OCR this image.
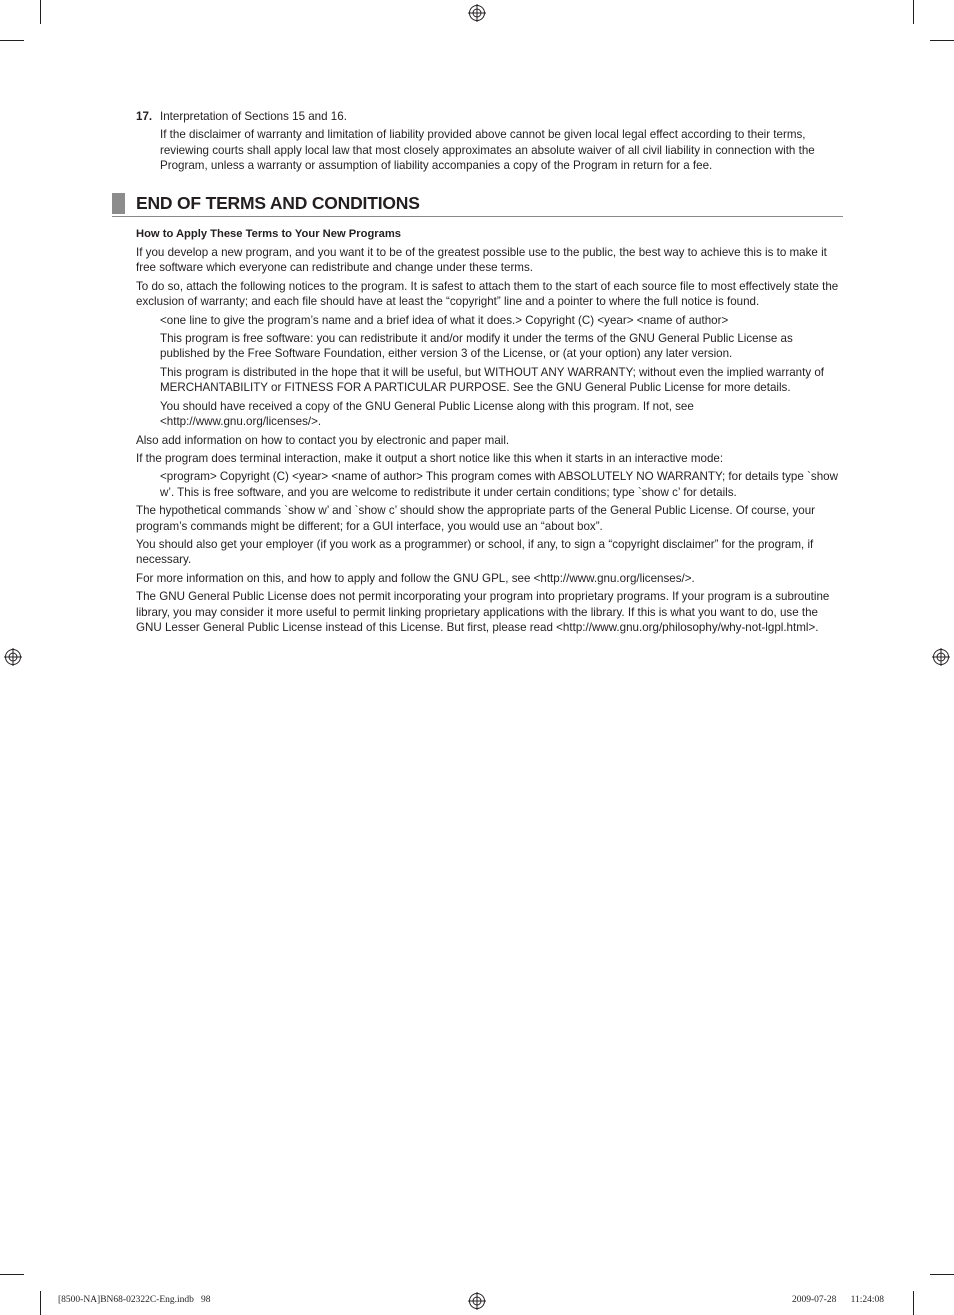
17. Interpretation of Sections 15 and 16.

If the disclaimer of warranty and limitation of liability provided above cannot be given local legal effect according to their terms, reviewing courts shall apply local law that most closely approximates an absolute waiver of all civil liability in connection with the Program, unless a warranty or assumption of liability accompanies a copy of the Program in return for a fee.

END OF TERMS AND CONDITIONS

How to Apply These Terms to Your New Programs

If you develop a new program, and you want it to be of the greatest possible use to the public, the best way to achieve this is to make it free software which everyone can redistribute and change under these terms.

To do so, attach the following notices to the program. It is safest to attach them to the start of each source file to most effectively state the exclusion of warranty; and each file should have at least the “copyright” line and a pointer to where the full notice is found.

<one line to give the program’s name and a brief idea of what it does.> Copyright (C) <year> <name of author>

This program is free software: you can redistribute it and/or modify it under the terms of the GNU General Public License as published by the Free Software Foundation, either version 3 of the License, or (at your option) any later version.

This program is distributed in the hope that it will be useful, but WITHOUT ANY WARRANTY; without even the implied warranty of MERCHANTABILITY or FITNESS FOR A PARTICULAR PURPOSE. See the GNU General Public License for more details.

You should have received a copy of the GNU General Public License along with this program. If not, see <http://www.gnu.org/licenses/>.

Also add information on how to contact you by electronic and paper mail.

If the program does terminal interaction, make it output a short notice like this when it starts in an interactive mode:

<program> Copyright (C) <year> <name of author> This program comes with ABSOLUTELY NO WARRANTY; for details type `show w’. This is free software, and you are welcome to redistribute it under certain conditions; type `show c’ for details.

The hypothetical commands `show w’ and `show c’ should show the appropriate parts of the General Public License. Of course, your program’s commands might be different; for a GUI interface, you would use an “about box”.

You should also get your employer (if you work as a programmer) or school, if any, to sign a “copyright disclaimer” for the program, if necessary.

For more information on this, and how to apply and follow the GNU GPL, see <http://www.gnu.org/licenses/>.

The GNU General Public License does not permit incorporating your program into proprietary programs. If your program is a subroutine library, you may consider it more useful to permit linking proprietary applications with the library. If this is what you want to do, use the GNU Lesser General Public License instead of this License. But first, please read <http://www.gnu.org/philosophy/why-not-lgpl.html>.

[8500-NA]BN68-02322C-Eng.indb   98	2009-07-28      11:24:08
